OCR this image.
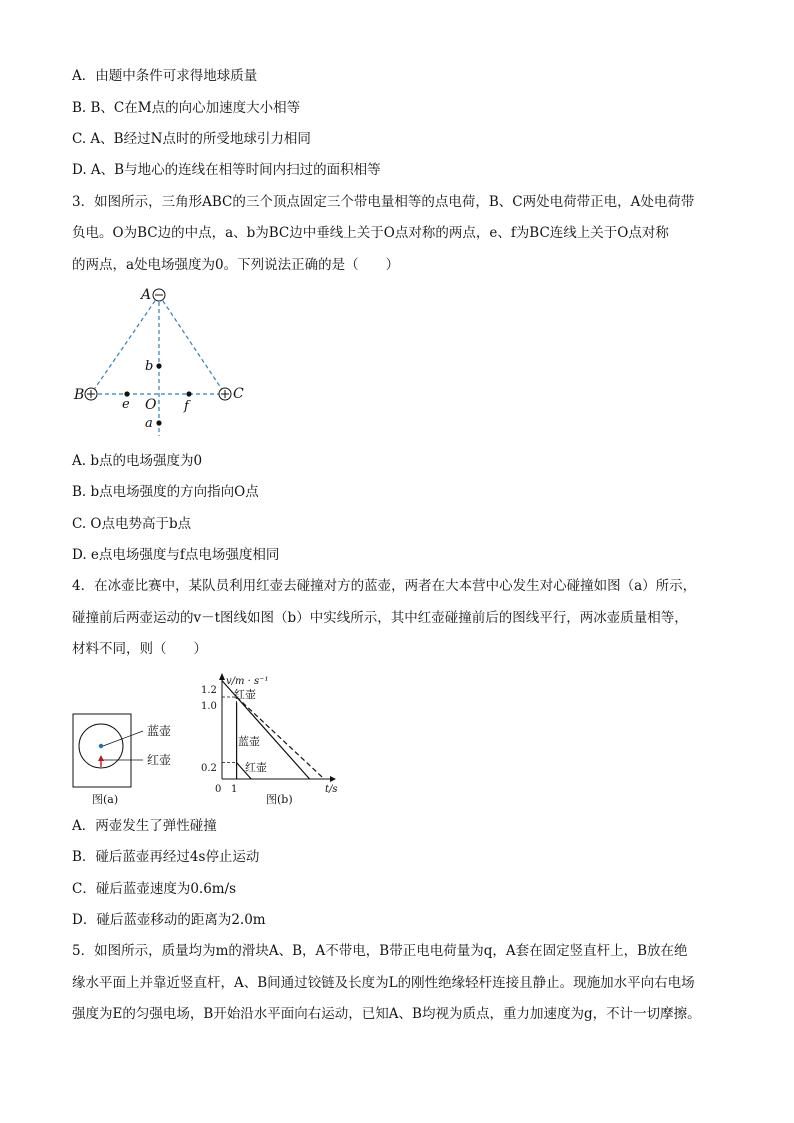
A．由题中条件可求得地球质量
B. B、C在M点的向心加速度大小相等
C. A、B经过N点时的所受地球引力相同
D. A、B与地心的连线在相等时间内扫过的面积相等
3．如图所示，三角形ABC的三个顶点固定三个带电量相等的点电荷，B、C两处电荷带正电，A处电荷带
负电。O为BC边的中点，a、b为BC边中垂线上关于O点对称的两点，e、f为BC连线上关于O点对称
的两点，a处电场强度为0。下列说法正确的是（　　）
A
B	C
b
a
e	f
O
A. b点的电场强度为0
B. b点电场强度的方向指向O点
C. O点电势高于b点
D. e点电场强度与f点电场强度相同
4．在冰壶比赛中，某队员利用红壶去碰撞对方的蓝壶，两者在大本营中心发生对心碰撞如图（a）所示，
碰撞前后两壶运动的v－t图线如图（b）中实线所示，其中红壶碰撞前后的图线平行，两冰壶质量相等，
材料不同，则（　　）
蓝壶
红壶
图(a)
v/m · s⁻¹
t/s
1.2
1.0
0.2
0 1
红壶
蓝壶
红壶
图(b)
A．两壶发生了弹性碰撞
B．碰后蓝壶再经过4s停止运动
C．碰后蓝壶速度为0.6m/s
D．碰后蓝壶移动的距离为2.0m
5．如图所示，质量均为m的滑块A、B，A不带电，B带正电电荷量为q，A套在固定竖直杆上，B放在绝
缘水平面上并靠近竖直杆，A、B间通过铰链及长度为L的刚性绝缘轻杆连接且静止。现施加水平向右电场
强度为E的匀强电场，B开始沿水平面向右运动，已知A、B均视为质点，重力加速度为g，不计一切摩擦。
